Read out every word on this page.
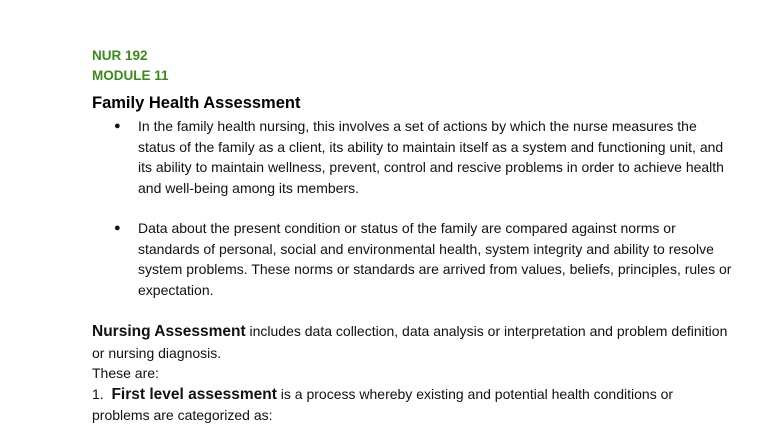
NUR 192

MODULE 11

Family Health Assessment
● In the family health nursing, this involves a set of actions by which the nurse measures the status of the family as a client, its ability to maintain itself as a system and functioning unit, and its ability to maintain wellness, prevent, control and rescive problems in order to achieve health and well-being among its members.
● Data about the present condition or status of the family are compared against norms or standards of personal, social and environmental health, system integrity and ability to resolve system problems. These norms or standards are arrived from values, beliefs, principles, rules or expectation.

Nursing Assessment includes data collection, data analysis or interpretation and problem definition or nursing diagnosis.

These are:

1.  First level assessment is a process whereby existing and potential health conditions or problems are categorized as:
